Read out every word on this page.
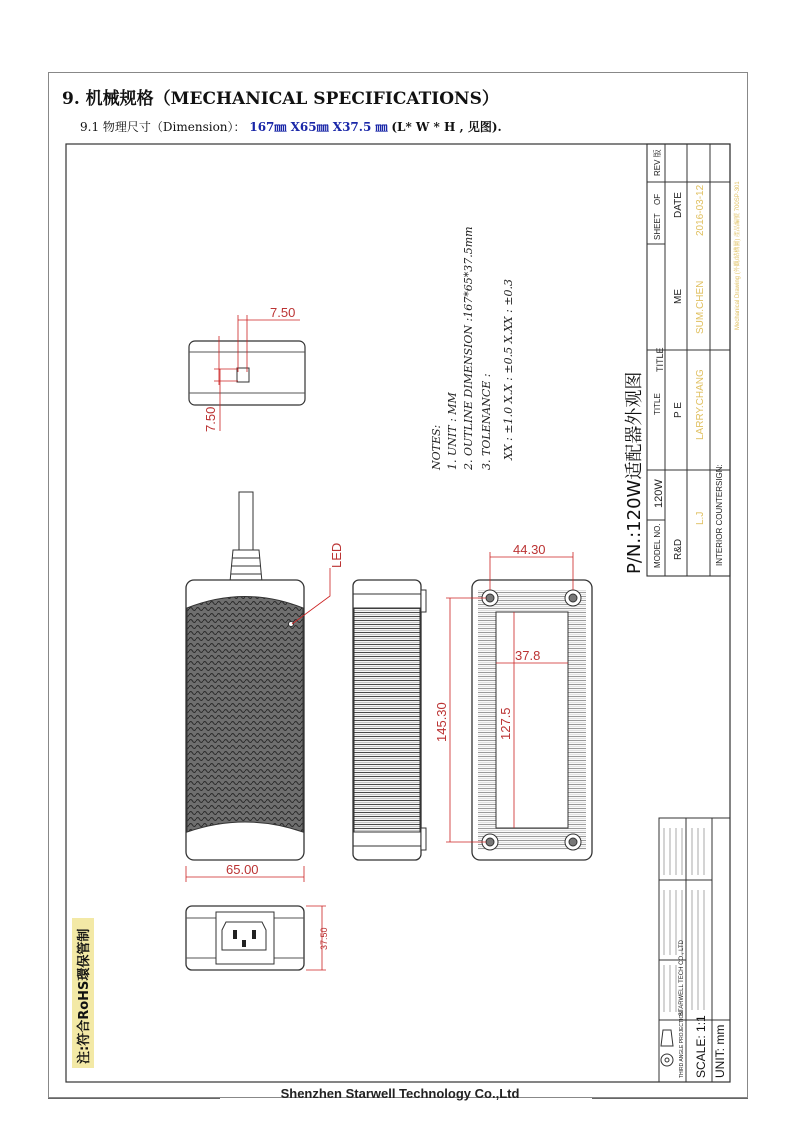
9. 机械规格（MECHANICAL SPECIFICATIONS）
9.1 物理尺寸（Dimension）： 167㎜ X65㎜ X37.5 ㎜ (L* W * H , 见图).
7.50
7.50
NOTES: 1. UNIT : MM 2. OUTLINE DIMENSION :167*65*37.5mm 3. TOLENANCE : XX : ±1.0 X.X : ±0.5 X.XX : ±0.3
LED
65.00
44.30
37.8
127.5
145.30
37.50
注:符合RoHS環保管制
REV 版
SHEET
OF DATE 2016-03-12
TITLE
ME SUM.CHEN
TITLE P E LARRY.CHANG
MODEL NO.
120W
R&D
L.J INTERIOR COUNTERSIGN:
P/N.:120W适配器外观图
Mechanical Drawing (外觀/結構圖) 產品編號 700SP-301
STARWELL TECH CO., LTD
THIRD ANGLE PROJECTION SCALE: 1:1 UNIT: mm
Shenzhen Starwell Technology Co.,Ltd
